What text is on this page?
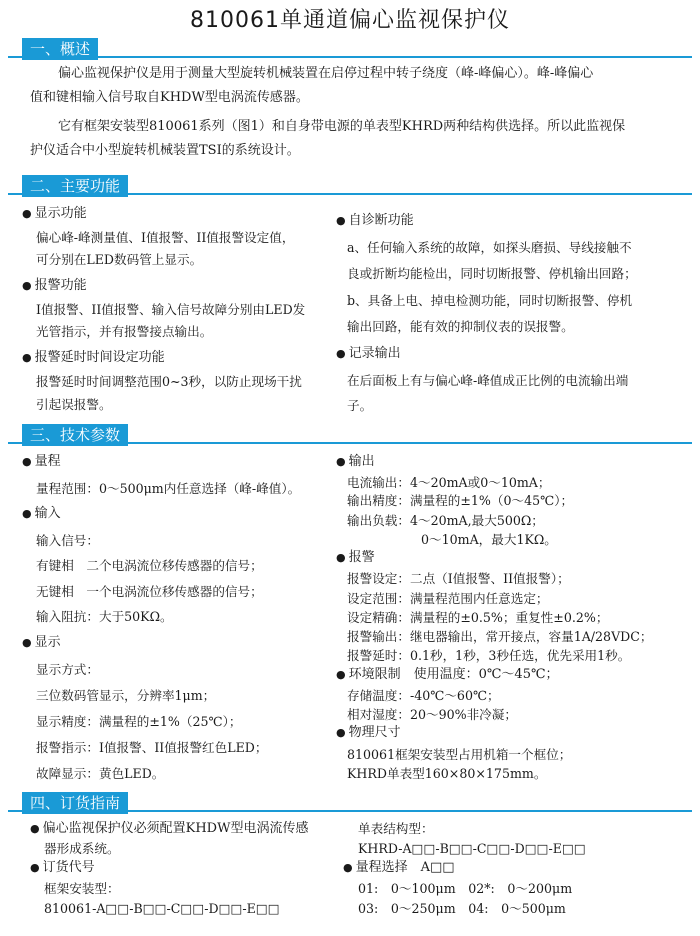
810061单通道偏心监视保护仪
一、概述
偏心监视保护仪是用于测量大型旋转机械装置在启停过程中转子绕度（峰-峰偏心）。峰-峰偏心
值和键相输入信号取自KHDW型电涡流传感器。
它有框架安装型810061系列（图1）和自身带电源的单表型KHRD两种结构供选择。所以此监视保
护仪适合中小型旋转机械装置TSI的系统设计。
二、主要功能
● 显示功能
偏心峰-峰测量值、I值报警、II值报警设定值，
可分别在LED数码管上显示。
● 报警功能
I值报警、II值报警、输入信号故障分别由LED发
光管指示，并有报警接点输出。
● 报警延时时间设定功能
报警延时时间调整范围0~3秒，以防止现场干扰
引起误报警。
● 自诊断功能
a、任何输入系统的故障，如探头磨损、导线接触不
良或折断均能检出，同时切断报警、停机输出回路；
b、具备上电、掉电检测功能，同时切断报警、停机
输出回路，能有效的抑制仪表的误报警。
● 记录输出
在后面板上有与偏心峰-峰值成正比例的电流输出端
子。
三、技术参数
● 量程
量程范围：0～500μm内任意选择（峰-峰值）。
● 输入
输入信号：
有键相　二个电涡流位移传感器的信号；
无键相　一个电涡流位移传感器的信号；
输入阻抗：大于50KΩ。
● 显示
显示方式：
三位数码管显示，分辨率1μm；
显示精度：满量程的±1%（25℃）；
报警指示：I值报警、II值报警红色LED；
故障显示：黄色LED。
● 输出
电流输出：4～20mA或0～10mA；
输出精度：满量程的±1%（0～45℃）；
输出负载：4～20mA,最大500Ω；
0～10mA，最大1KΩ。
● 报警
报警设定：二点（I值报警、II值报警）；
设定范围：满量程范围内任意选定；
设定精确：满量程的±0.5%；重复性±0.2%；
报警输出：继电器输出，常开接点，容量1A/28VDC；
报警延时：0.1秒，1秒，3秒任选，优先采用1秒。
● 环境限制　使用温度：0℃～45℃；
存储温度：-40℃～60℃；
相对湿度：20～90%非冷凝；
● 物理尺寸
810061框架安装型占用机箱一个框位；
KHRD单表型160×80×175mm。
四、订货指南
● 偏心监视保护仪必须配置KHDW型电涡流传感
器形成系统。
● 订货代号
框架安装型：
810061-A□□-B□□-C□□-D□□-E□□
单表结构型：
KHRD-A□□-B□□-C□□-D□□-E□□
● 量程选择　A□□
01:　0～100μm　02*:　0～200μm
03:　0～250μm　04:　0～500μm
